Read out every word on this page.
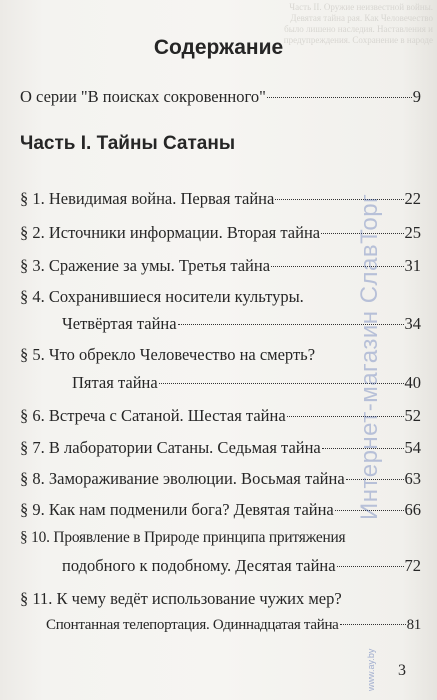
Часть II. Оружие неизвестной войны. Девятая тайна рая. Как Человечество было лишено наследия. Наставления и предупреждения. Сохранение в народе
Содержание
О серии "В поисках сокровенного"	9
Часть I. Тайны Сатаны
§ 1. Невидимая война. Первая тайна	22
§ 2. Источники информации. Вторая тайна	25
§ 3. Сражение за умы. Третья тайна	31
§ 4. Сохранившиеся носители культуры.
Четвёртая тайна	34
§ 5. Что обрекло Человечество на смерть?
Пятая тайна	40
§ 6. Встреча с Сатаной. Шестая тайна	52
§ 7. В лаборатории Сатаны. Седьмая тайна	54
§ 8. Замораживание эволюции. Восьмая тайна	63
§ 9. Как нам подменили бога? Девятая тайна	66
§ 10. Проявление в Природе принципа притяжения
подобного к подобному. Десятая тайна	72
§ 11. К чему ведёт использование чужих мер?
Спонтанная телепортация. Одиннадцатая тайна	81
3
Интернет-магазин СлавТорг
www.ay.by
